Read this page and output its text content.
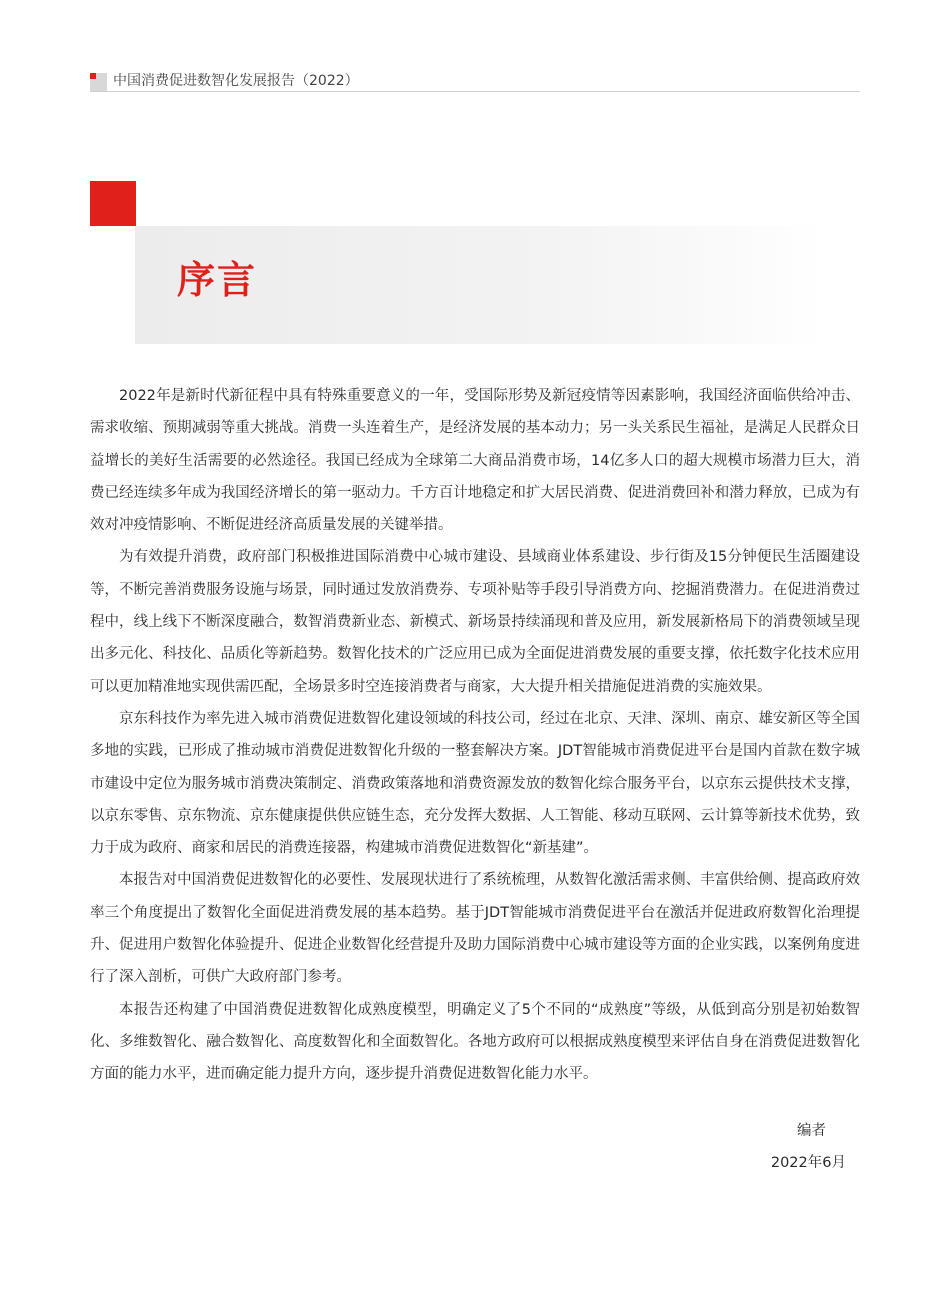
中国消费促进数智化发展报告（2022）
序言

2022年是新时代新征程中具有特殊重要意义的一年，受国际形势及新冠疫情等因素影响，我国经济面临供给冲击、需求收缩、预期减弱等重大挑战。消费一头连着生产，是经济发展的基本动力；另一头关系民生福祉，是满足人民群众日益增长的美好生活需要的必然途径。我国已经成为全球第二大商品消费市场，14亿多人口的超大规模市场潜力巨大，消费已经连续多年成为我国经济增长的第一驱动力。千方百计地稳定和扩大居民消费、促进消费回补和潜力释放，已成为有效对冲疫情影响、不断促进经济高质量发展的关键举措。

为有效提升消费，政府部门积极推进国际消费中心城市建设、县域商业体系建设、步行街及15分钟便民生活圈建设等，不断完善消费服务设施与场景，同时通过发放消费券、专项补贴等手段引导消费方向、挖掘消费潜力。在促进消费过程中，线上线下不断深度融合，数智消费新业态、新模式、新场景持续涌现和普及应用，新发展新格局下的消费领域呈现出多元化、科技化、品质化等新趋势。数智化技术的广泛应用已成为全面促进消费发展的重要支撑，依托数字化技术应用可以更加精准地实现供需匹配，全场景多时空连接消费者与商家，大大提升相关措施促进消费的实施效果。

京东科技作为率先进入城市消费促进数智化建设领域的科技公司，经过在北京、天津、深圳、南京、雄安新区等全国多地的实践，已形成了推动城市消费促进数智化升级的一整套解决方案。JDT智能城市消费促进平台是国内首款在数字城市建设中定位为服务城市消费决策制定、消费政策落地和消费资源发放的数智化综合服务平台，以京东云提供技术支撑，以京东零售、京东物流、京东健康提供供应链生态，充分发挥大数据、人工智能、移动互联网、云计算等新技术优势，致力于成为政府、商家和居民的消费连接器，构建城市消费促进数智化“新基建”。

本报告对中国消费促进数智化的必要性、发展现状进行了系统梳理，从数智化激活需求侧、丰富供给侧、提高政府效率三个角度提出了数智化全面促进消费发展的基本趋势。基于JDT智能城市消费促进平台在激活并促进政府数智化治理提升、促进用户数智化体验提升、促进企业数智化经营提升及助力国际消费中心城市建设等方面的企业实践，以案例角度进行了深入剖析，可供广大政府部门参考。

本报告还构建了中国消费促进数智化成熟度模型，明确定义了5个不同的“成熟度”等级，从低到高分别是初始数智化、多维数智化、融合数智化、高度数智化和全面数智化。各地方政府可以根据成熟度模型来评估自身在消费促进数智化方面的能力水平，进而确定能力提升方向，逐步提升消费促进数智化能力水平。

编者
2022年6月
